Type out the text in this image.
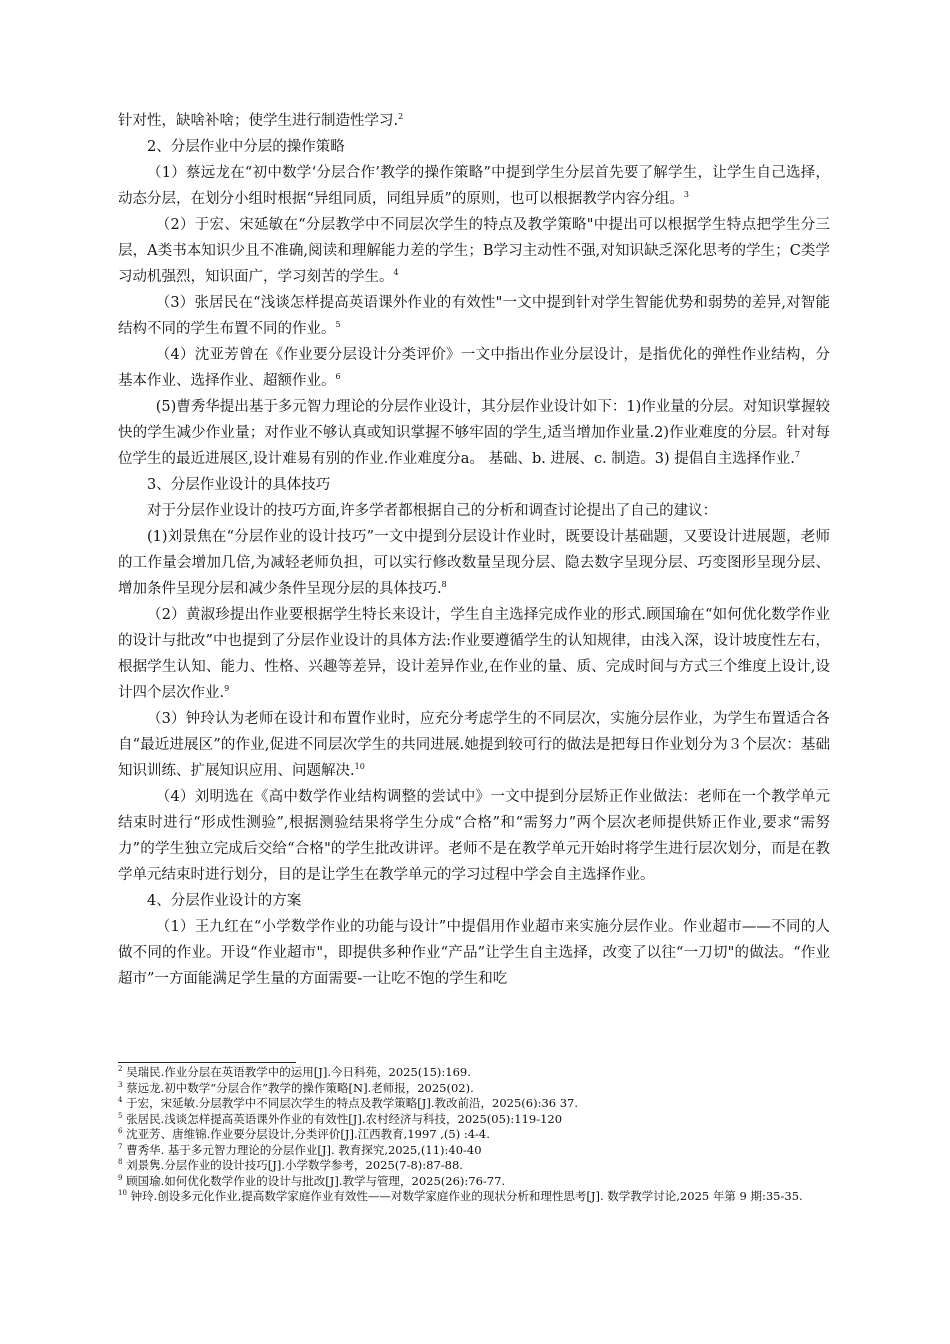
针对性，缺啥补啥；使学生进行制造性学习.$^2$

2、分层作业中分层的操作策略

（1）蔡远龙在“初中数学‘分层合作’教学的操作策略”中提到学生分层首先要了解学生，让学生自己选择，动态分层，在划分小组时根据“异组同质，同组异质”的原则，也可以根据教学内容分组。$^3$

（2）于宏、宋延敏在“分层教学中不同层次学生的特点及教学策略"中提出可以根据学生特点把学生分三层，A类书本知识少且不准确,阅读和理解能力差的学生；B学习主动性不强,对知识缺乏深化思考的学生；C类学习动机强烈，知识面广，学习刻苦的学生。$^4$

（3）张居民在“浅谈怎样提高英语课外作业的有效性"一文中提到针对学生智能优势和弱势的差异,对智能结构不同的学生布置不同的作业。$^5$

（4）沈亚芳曾在《作业要分层设计分类评价》一文中指出作业分层设计，是指优化的弹性作业结构，分基本作业、选择作业、超额作业。$^6$

(5)曹秀华提出基于多元智力理论的分层作业设计，其分层作业设计如下：1)作业量的分层。对知识掌握较快的学生减少作业量；对作业不够认真或知识掌握不够牢固的学生,适当增加作业量.2)作业难度的分层。针对每位学生的最近进展区,设计难易有别的作业.作业难度分a。 基础、b. 进展、c. 制造。3) 提倡自主选择作业.$^7$

3、分层作业设计的具体技巧

对于分层作业设计的技巧方面,许多学者都根据自己的分析和调查讨论提出了自己的建议：

(1)刘景焦在“分层作业的设计技巧”一文中提到分层设计作业时，既要设计基础题，又要设计进展题，老师的工作量会增加几倍,为减轻老师负担，可以实行修改数量呈现分层、隐去数字呈现分层、巧变图形呈现分层、增加条件呈现分层和减少条件呈现分层的具体技巧.$^8$

（2）黄淑珍提出作业要根据学生特长来设计，学生自主选择完成作业的形式.顾国瑜在“如何优化数学作业的设计与批改”中也提到了分层作业设计的具体方法:作业要遵循学生的认知规律，由浅入深，设计坡度性左右，根据学生认知、能力、性格、兴趣等差异，设计差异作业,在作业的量、质、完成时间与方式三个维度上设计,设计四个层次作业.$^9$

（3）钟玲认为老师在设计和布置作业时，应充分考虑学生的不同层次，实施分层作业，为学生布置适合各自“最近进展区”的作业,促进不同层次学生的共同进展.她提到较可行的做法是把每日作业划分为３个层次：基础知识训练、扩展知识应用、问题解决.$^{10}$

（4）刘明选在《高中数学作业结构调整的尝试中》一文中提到分层矫正作业做法：老师在一个教学单元结束时进行“形成性测验”,根据测验结果将学生分成“合格”和“需努力”两个层次老师提供矫正作业,要求“需努力”的学生独立完成后交给“合格"的学生批改讲评。老师不是在教学单元开始时将学生进行层次划分，而是在教学单元结束时进行划分，目的是让学生在教学单元的学习过程中学会自主选择作业。

4、分层作业设计的方案

（1）王九红在“小学数学作业的功能与设计”中提倡用作业超市来实施分层作业。作业超市——不同的人做不同的作业。开设“作业超市"，即提供多种作业“产品”让学生自主选择，改变了以往“一刀切"的做法。“作业超市”一方面能满足学生量的方面需要-一让吃不饱的学生和吃

$^2$ 吴瑞民.作业分层在英语教学中的运用[J].今日科苑，2025(15):169.

$^3$ 蔡远龙.初中数学“分层合作”教学的操作策略[N].老师报，2025(02).

$^4$ 于宏，宋延敏.分层教学中不同层次学生的特点及教学策略[J].教改前沿，2025(6):36 37.

$^5$ 张居民.浅谈怎样提高英语课外作业的有效性[J].农村经济与科技，2025(05):119-120

$^6$ 沈亚芳、唐维锦.作业要分层设计,分类评价[J].江西教育,1997 ,(5) :4-4.

$^7$ 曹秀华. 基于多元智力理论的分层作业[J]. 教育探究,2025,(11):40-40

$^8$ 刘景隽.分层作业的设计技巧[J].小学数学参考，2025(7-8):87-88.

$^9$ 顾国瑜.如何优化数学作业的设计与批改[J].教学与管理，2025(26):76-77.

$^{10}$ 钟玲.创设多元化作业,提高数学家庭作业有效性——对数学家庭作业的现状分析和理性思考[J]. 数学教学讨论,2025 年第 9 期:35-35.
